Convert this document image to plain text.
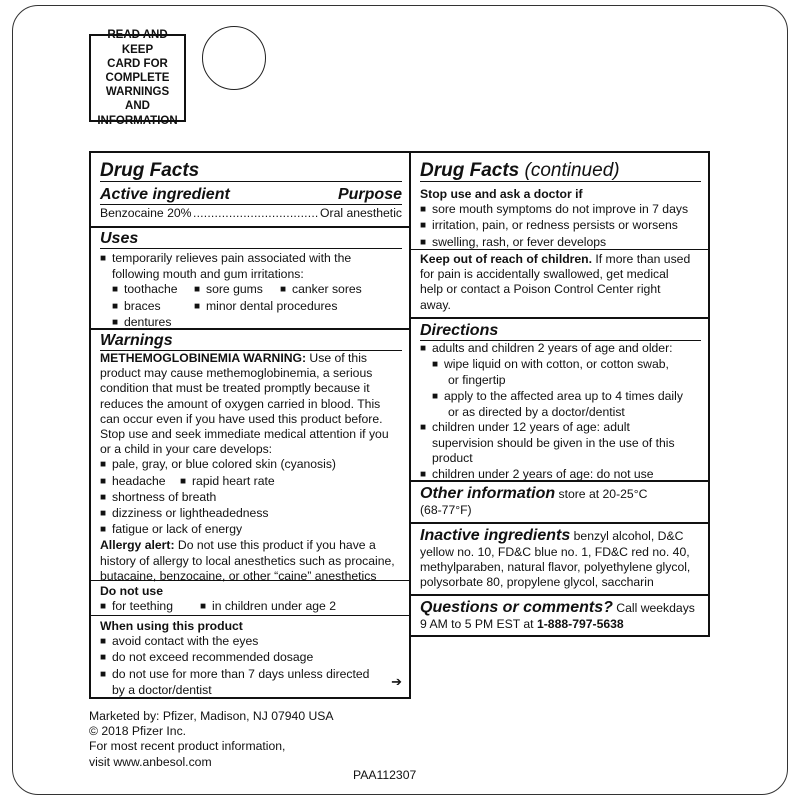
READ AND KEEP
CARD FOR
COMPLETE
WARNINGS AND
INFORMATION
Drug Facts
Active ingredient	Purpose
Benzocaine 20% ................................... Oral anesthetic
Uses
■ temporarily relieves pain associated with the
following mouth and gum irritations:
■ toothache ■ sore gums ■ canker sores
■ braces	■ minor dental procedures
■ dentures
Warnings
METHEMOGLOBINEMIA WARNING: Use of this
product may cause methemoglobinemia, a serious
condition that must be treated promptly because it
reduces the amount of oxygen carried in blood. This
can occur even if you have used this product before.
Stop use and seek immediate medical attention if you
or a child in your care develops:
■ pale, gray, or blue colored skin (cyanosis)
■ headache ■ rapid heart rate
■ shortness of breath
■ dizziness or lightheadedness
■ fatigue or lack of energy
Allergy alert: Do not use this product if you have a
history of allergy to local anesthetics such as procaine,
butacaine, benzocaine, or other “caine” anesthetics
Do not use
■ for teething	■ in children under age 2
When using this product
■ avoid contact with the eyes
■ do not exceed recommended dosage
■ do not use for more than 7 days unless directed
by a doctor/dentist
➔
Drug Facts (continued)
Stop use and ask a doctor if
■ sore mouth symptoms do not improve in 7 days
■ irritation, pain, or redness persists or worsens
■ swelling, rash, or fever develops
Keep out of reach of children. If more than used
for pain is accidentally swallowed, get medical
help or contact a Poison Control Center right
away.
Directions
■ adults and children 2 years of age and older:
■ wipe liquid on with cotton, or cotton swab,
or fingertip
■ apply to the affected area up to 4 times daily
or as directed by a doctor/dentist
■ children under 12 years of age: adult
supervision should be given in the use of this
product
■ children under 2 years of age: do not use
Other information store at 20-25°C
(68-77°F)
Inactive ingredients benzyl alcohol, D&C
yellow no. 10, FD&C blue no. 1, FD&C red no. 40,
methylparaben, natural flavor, polyethylene glycol,
polysorbate 80, propylene glycol, saccharin
Questions or comments? Call weekdays
9 AM to 5 PM EST at 1-888-797-5638
Marketed by: Pfizer, Madison, NJ 07940 USA
© 2018 Pfizer Inc.
For most recent product information,
visit www.anbesol.com
PAA112307
